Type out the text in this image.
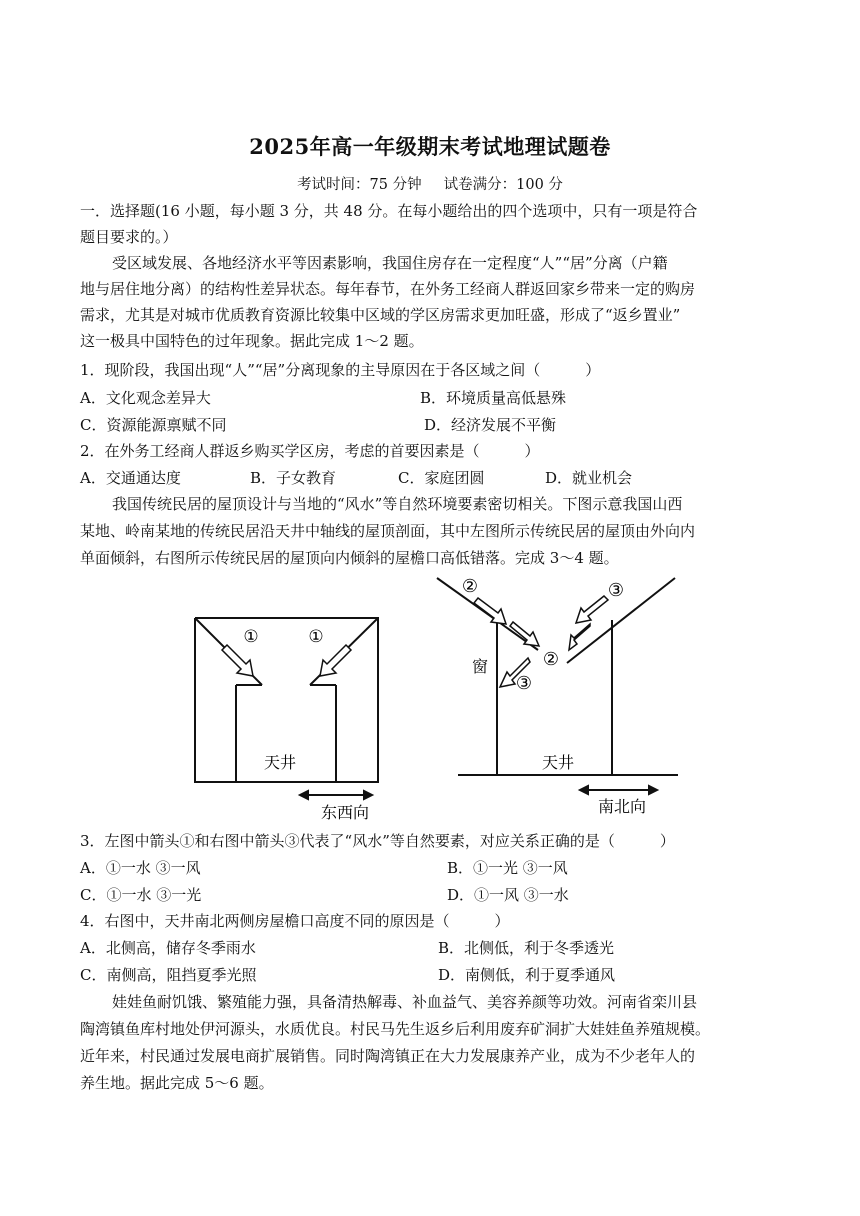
2025年高一年级期末考试地理试题卷
考试时间：75 分钟 试卷满分：100 分
一．选择题(16 小题，每小题 3 分，共 48 分。在每小题给出的四个选项中，只有一项是符合
题目要求的。）
受区域发展、各地经济水平等因素影响，我国住房存在一定程度“人”“居”分离（户籍
地与居住地分离）的结构性差异状态。每年春节，在外务工经商人群返回家乡带来一定的购房
需求，尤其是对城市优质教育资源比较集中区域的学区房需求更加旺盛，形成了“返乡置业”
这一极具中国特色的过年现象。据此完成 1～2 题。
1．现阶段，我国出现“人”“居”分离现象的主导原因在于各区域之间（　　　）
A．文化观念差异大	B．环境质量高低悬殊
C．资源能源禀赋不同	D．经济发展不平衡
2．在外务工经商人群返乡购买学区房，考虑的首要因素是（　　　）
A．交通通达度	B．子女教育	C．家庭团圆	D．就业机会
我国传统民居的屋顶设计与当地的“风水”等自然环境要素密切相关。下图示意我国山西
某地、岭南某地的传统民居沿天井中轴线的屋顶剖面，其中左图所示传统民居的屋顶由外向内
单面倾斜，右图所示传统民居的屋顶向内倾斜的屋檐口高低错落。完成 3～4 题。
①	①
天井
东西向
②
②
③
③
窗
天井
南北向
3．左图中箭头①和右图中箭头③代表了“风水”等自然要素，对应关系正确的是（　　　）
A．①一水 ③一风	B．①一光 ③一风
C．①一水 ③一光	D．①一风 ③一水
4．右图中，天井南北两侧房屋檐口高度不同的原因是（　　　）
A．北侧高，储存冬季雨水	B．北侧低，利于冬季透光
C．南侧高，阻挡夏季光照	D．南侧低，利于夏季通风
娃娃鱼耐饥饿、繁殖能力强，具备清热解毒、补血益气、美容养颜等功效。河南省栾川县
陶湾镇鱼库村地处伊河源头，水质优良。村民马先生返乡后利用废弃矿洞扩大娃娃鱼养殖规模。
近年来，村民通过发展电商扩展销售。同时陶湾镇正在大力发展康养产业，成为不少老年人的
养生地。据此完成 5～6 题。
